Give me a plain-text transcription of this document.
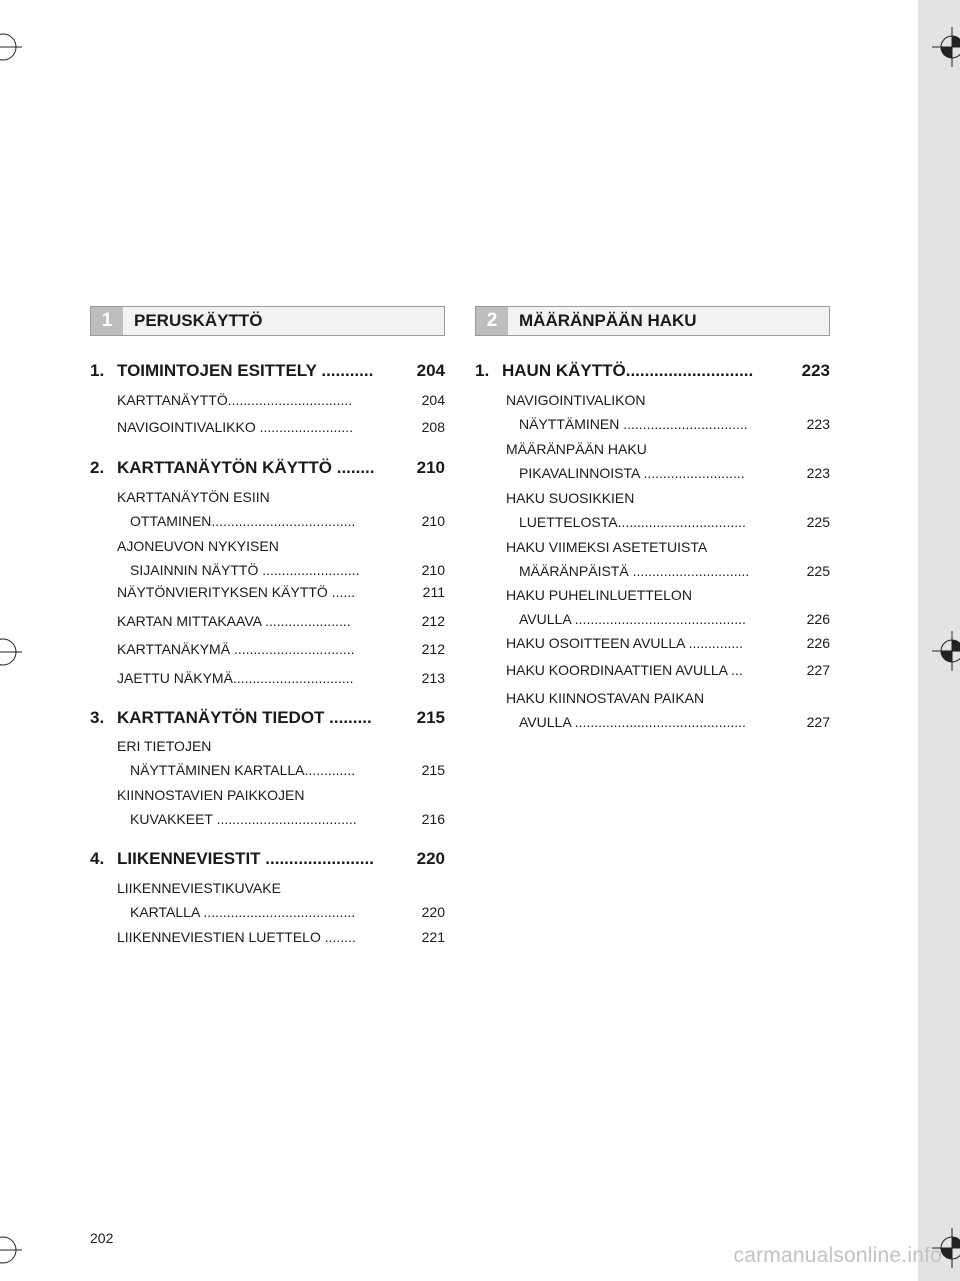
1	PERUSKÄYTTÖ	2	MÄÄRÄNPÄÄN HAKU
1. TOIMINTOJEN ESITTELY ...........	204
KARTTANÄYTTÖ................................	204
NAVIGOINTIVALIKKO ........................	208
2. KARTTANÄYTÖN KÄYTTÖ ........ 210
KARTTANÄYTÖN ESIIN
OTTAMINEN.....................................	210
AJONEUVON NYKYISEN
SIJAINNIN NÄYTTÖ .........................	210
NÄYTÖNVIERITYKSEN KÄYTTÖ ......	211
KARTAN MITTAKAAVA ......................	212
KARTTANÄKYMÄ ...............................	212
JAETTU NÄKYMÄ...............................	213
3. KARTTANÄYTÖN TIEDOT .........	215
ERI TIETOJEN
NÄYTTÄMINEN KARTALLA.............	215
KIINNOSTAVIEN PAIKKOJEN
KUVAKKEET ....................................	216
4. LIIKENNEVIESTIT .......................	220
LIIKENNEVIESTIKUVAKE
KARTALLA .......................................	220
LIIKENNEVIESTIEN LUETTELO ........	221
1. HAUN KÄYTTÖ...........................	223
NAVIGOINTIVALIKON
NÄYTTÄMINEN ................................	223
MÄÄRÄNPÄÄN HAKU
PIKAVALINNOISTA ..........................	223
HAKU SUOSIKKIEN
LUETTELOSTA.................................	225
HAKU VIIMEKSI ASETETUISTA
MÄÄRÄNPÄISTÄ ..............................	225
HAKU PUHELINLUETTELON
AVULLA ............................................	226
HAKU OSOITTEEN AVULLA ..............	226
HAKU KOORDINAATTIEN AVULLA ...	227
HAKU KIINNOSTAVAN PAIKAN
AVULLA ............................................	227
202
carmanualsonline.info
